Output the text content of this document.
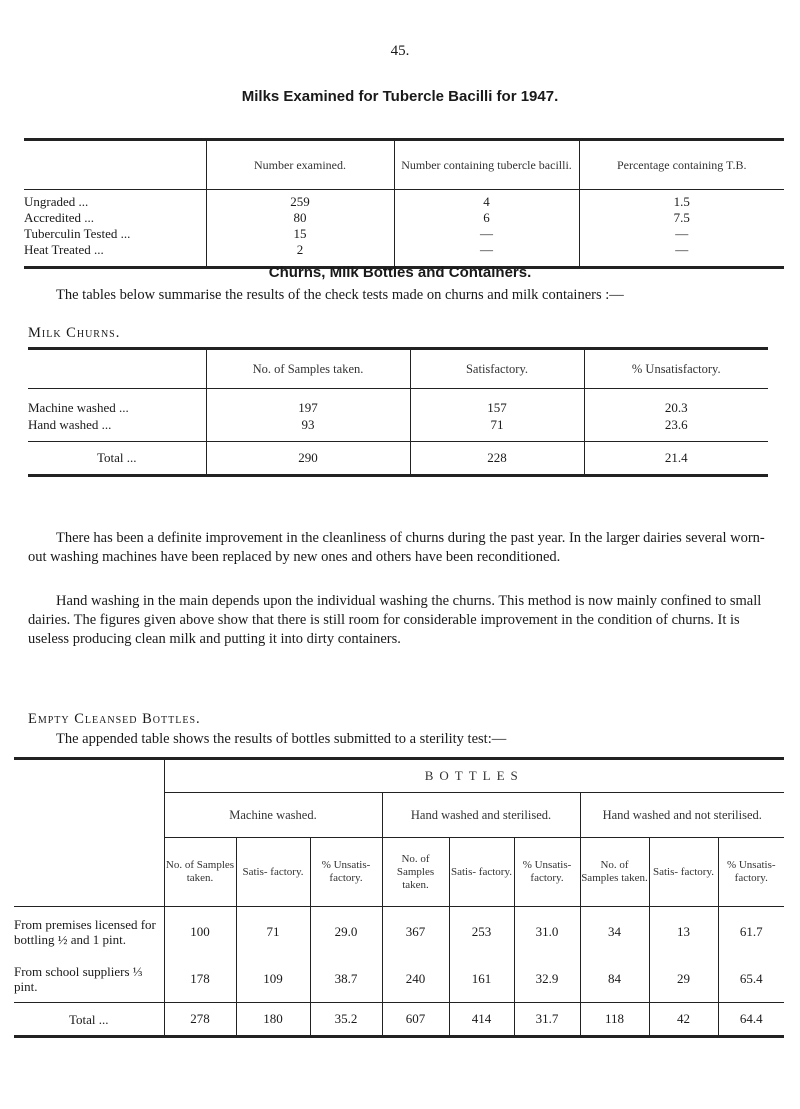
45.
Milks Examined for Tubercle Bacilli for 1947.
	Number examined.	Number containing tubercle bacilli.	Percentage containing T.B.
Ungraded ...	259	4	1.5
Accredited ...	80	6	7.5
Tuberculin Tested ...	15	—	—
Heat Treated ...	2	—	—
Churns, Milk Bottles and Containers.

The tables below summarise the results of the check tests made on churns and milk containers :—

Milk Churns.

	No. of Samples taken.	Satisfactory.	% Unsatisfactory.
Machine washed ...	197	157	20.3
Hand washed ...	93	71	23.6
Total ...	290	228	21.4

There has been a definite improvement in the cleanliness of churns during the past year. In the larger dairies several worn-out washing machines have been replaced by new ones and others have been reconditioned.

Hand washing in the main depends upon the individual washing the churns. This method is now mainly confined to small dairies. The figures given above show that there is still room for considerable improvement in the condition of churns. It is useless producing clean milk and putting it into dirty containers.

Empty Cleansed Bottles.

The appended table shows the results of bottles submitted to a sterility test:—

	BOTTLES								
	Machine washed.			Hand washed and sterilised.			Hand washed and not sterilised.		
	No. of Samples taken.	Satis- factory.	% Unsatis- factory.	No. of Samples taken.	Satis- factory.	% Unsatis- factory.	No. of Samples taken.	Satis- factory.	% Unsatis- factory.
From premises licensed for bottling ½ and 1 pint.	100	71	29.0	367	253	31.0	34	13	61.7
From school suppliers ⅓ pint.	178	109	38.7	240	161	32.9	84	29	65.4
Total ...	278	180	35.2	607	414	31.7	118	42	64.4
